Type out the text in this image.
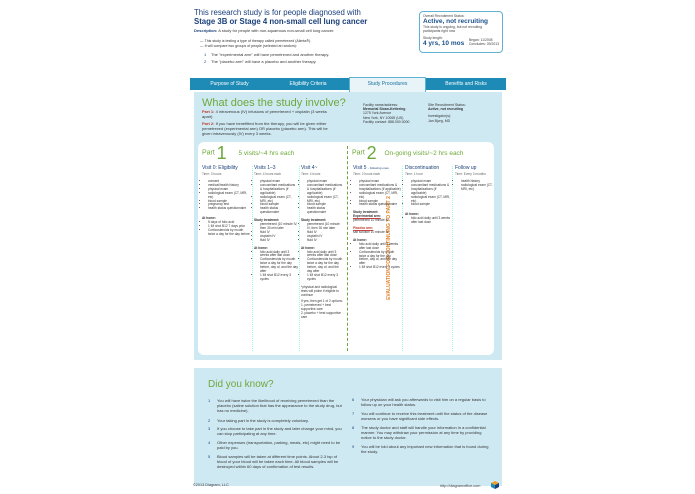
This research study is for people diagnosed with
Stage 3B or Stage 4 non-small cell lung cancer
Description: A study for people with non-squamous non-small cell lung cancer.
— This study is testing a type of therapy called pemetrexed (Alimta®).
— It will compare two groups of people (selected at random):
1 The "experimental arm" will have pemetrexed and another therapy.
2 The "placebo arm" will have a placebo and another therapy.
Overall Recruitment Status:
Active, not recruiting
This study is ongoing, but not recruiting
participants right now
Study length:
4 yrs, 10 mos
Began: 11/2008
Concludes: 09/2013
Purpose of Study	Eligibility Criteria	Study Procedures	Benefits and Risks
What does the study involve?
Part 1: 4 intravenous (IV) infusions of pemetrexed + cisplatin (3 weeks apart)
Part 2: If you have benefitted from the therapy, you will be given either pemetrexed (experimental arm) OR placebo (placebo arm). This will be given intravenously (IV) every 3 weeks.
Facility name/address:
Memorial Sloan-Kettering
1275 York Avenue
New York, NY 10065 (US)
Facility contact: 888.000.0000
Site Recruitment Status:
Active, not recruiting
Investigator(s):
Jan Bjorg, MD
Part 1 5 visits/~4 hrs each	Part 2 On-going visits/~2 hrs each
Visit 0: Eligibility
Time: 3 hours
• consent
• medical/health history
• physical exam
• radiological exam (CT, MRI, etc)
• blood sample
• pregnancy test
• health status questionnaire
At home:
• 5 days of folic acid
• 1 IM shot B12 7 days prior
• Corticosteroids by mouth twice a day for the day before
Visits 1–3
Time: 4 hours each
• physical exam
• concomitant medications & hospitalizations (if applicable)
• radiological exam (CT, MRI, etc)
• blood sample
• health status questionnaire
Study treatment:
• pemetrexed (10 minute IV, then 30 min later
• fluid IV
• cisplatin IV
• fluid IV
At home:
• folic acid daily until 3 weeks after last dose
• Corticosteroids by mouth twice a day for the day before, day of, and the day after
• 1 IM shot B12 every 3 cycles
Visit 4~
Time: 4 hours
• physical exam
• concomitant medications & hospitalizations (if applicable)
• radiological exam (CT, MRI, etc)
• blood sample
• health status questionnaire
Study treatment:
• pemetrexed (10 minute IV, then 30 min later
• fluid IV
• cisplatin IV
• fluid IV
At home:
• folic acid daily until 3 weeks after last dose
• Corticosteroids by mouth twice a day for the day before, day of, and the day after
• 1 IM shot B12 every 3 cycles
*physical and radiological tests will probe if eligible to continue
If yes, then get 1 of 2 options:
1. pemetrexed + best supportive care
2. placebo + best supportive care
EVALUATION FOR CONTINUING TO PART 2
Visit 5 - following ones
Time: 2 hours each
• physical exam
• concomitant medications & hospitalizations (if applicable)
• radiological exam (CT, MRI, etc)
• blood sample
• health status questionnaire
Study treatment:
Experimental arm:
pemetrexed 10 minute IV
Placebo arm:
salt solution 10 minute IV
At home:
• folic acid daily until 3 weeks after last dose
• Corticosteroids by mouth twice a day for the day before, day of, and the day after
• 1 IM shot B12 every 3 cycles
Discontinuation
Time: 1 hour
• physical exam
• concomitant medications & hospitalizations (if applicable)
• radiological exam (CT, MRI, etc)
• blood sample
At home:
• folic acid daily until 3 weeks after last dose
Follow up
Time: Every 3 months
• health history
• radiological exam (CT, MRI, etc)
Did you know?
1 You will have twice the likelihood of receiving pemetrexed than the placebo (saline solution that has the appearance to the study drug, but has no medicine).
2 Your taking part in the study is completely voluntary.
3 If you choose to take part in the study and later change your mind, you can stop participating at any time.
4 Other expenses (transportation, parking, meals, etc) might need to be paid by you.
5 Blood samples will be taken at different time points. About 2-3 tsp of blood of your blood will be taken each time. All blood samples will be destroyed within 60 days of confirmation of test results.
6 Your physician will ask you afterwards to visit him on a regular basis to follow up on your health status.
7 You will continue to receive this treatment until the status of the disease worsens or you have significant side effects.
8 The study doctor and staff will handle your information in a confidential manner. You may withdraw your permission at any time by providing notice to the study doctor.
9 You will be told about any important new information that is found during the study.
©2013 Diagram, LLC	http://diagramoffice.com
